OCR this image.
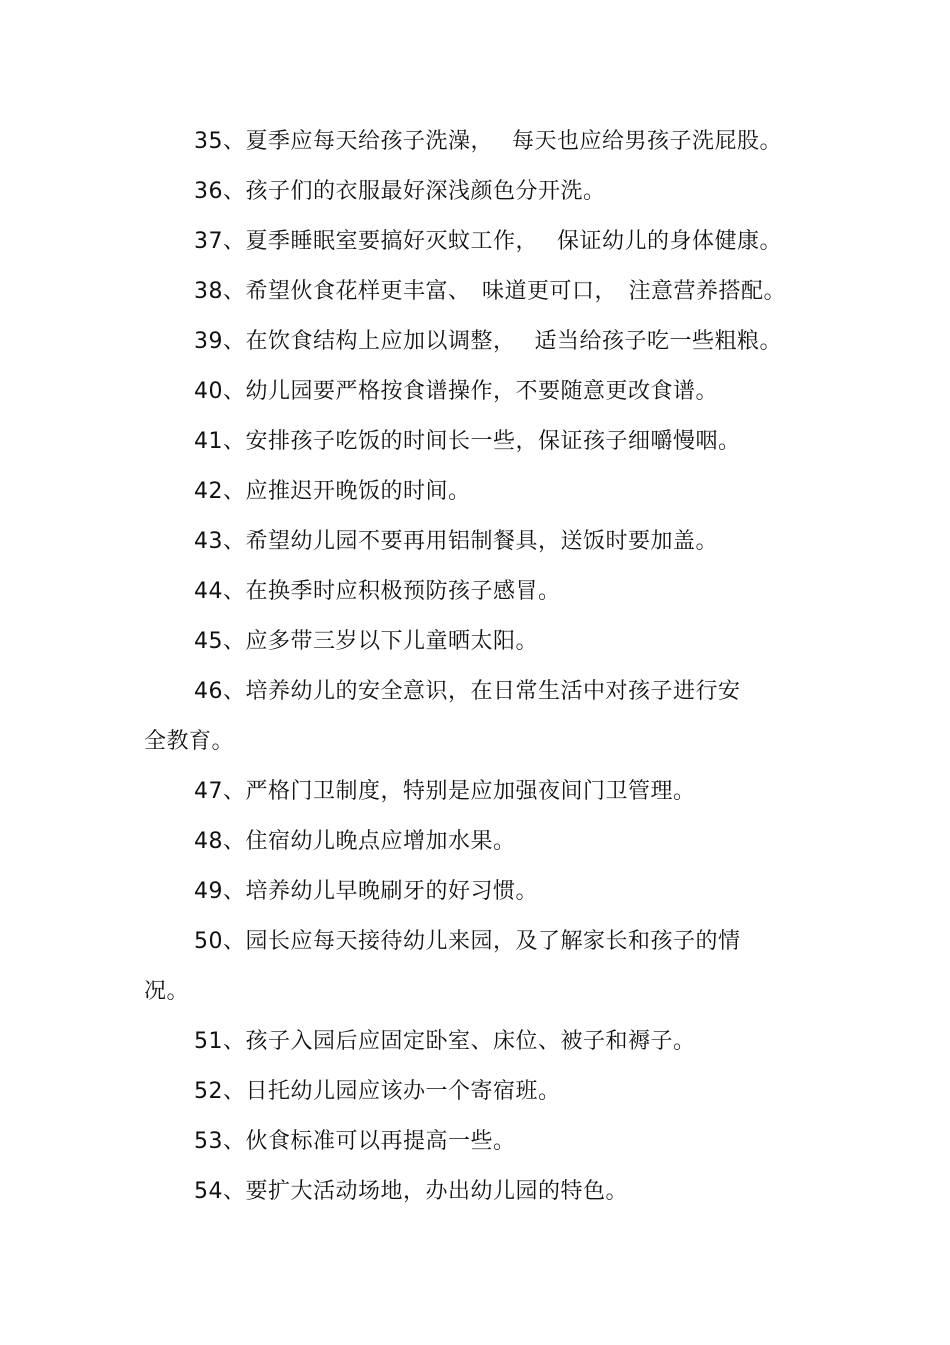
35、夏季应每天给孩子洗澡，　 每天也应给男孩子洗屁股。
36、孩子们的衣服最好深浅颜色分开洗。
37、夏季睡眠室要搞好灭蚊工作，　 保证幼儿的身体健康。
38、希望伙食花样更丰富、　味道更可口，　注意营养搭配。
39、在饮食结构上应加以调整，　 适当给孩子吃一些粗粮。
40、幼儿园要严格按食谱操作，不要随意更改食谱。
41、安排孩子吃饭的时间长一些，保证孩子细嚼慢咽。
42、应推迟开晚饭的时间。
43、希望幼儿园不要再用铝制餐具，送饭时要加盖。
44、在换季时应积极预防孩子感冒。
45、应多带三岁以下儿童晒太阳。
46、培养幼儿的安全意识，在日常生活中对孩子进行安
全教育。
47、严格门卫制度，特别是应加强夜间门卫管理。
48、住宿幼儿晚点应增加水果。
49、培养幼儿早晚刷牙的好习惯。
50、园长应每天接待幼儿来园，及了解家长和孩子的情
况。
51、孩子入园后应固定卧室、床位、被子和褥子。
52、日托幼儿园应该办一个寄宿班。
53、伙食标准可以再提高一些。
54、要扩大活动场地，办出幼儿园的特色。
